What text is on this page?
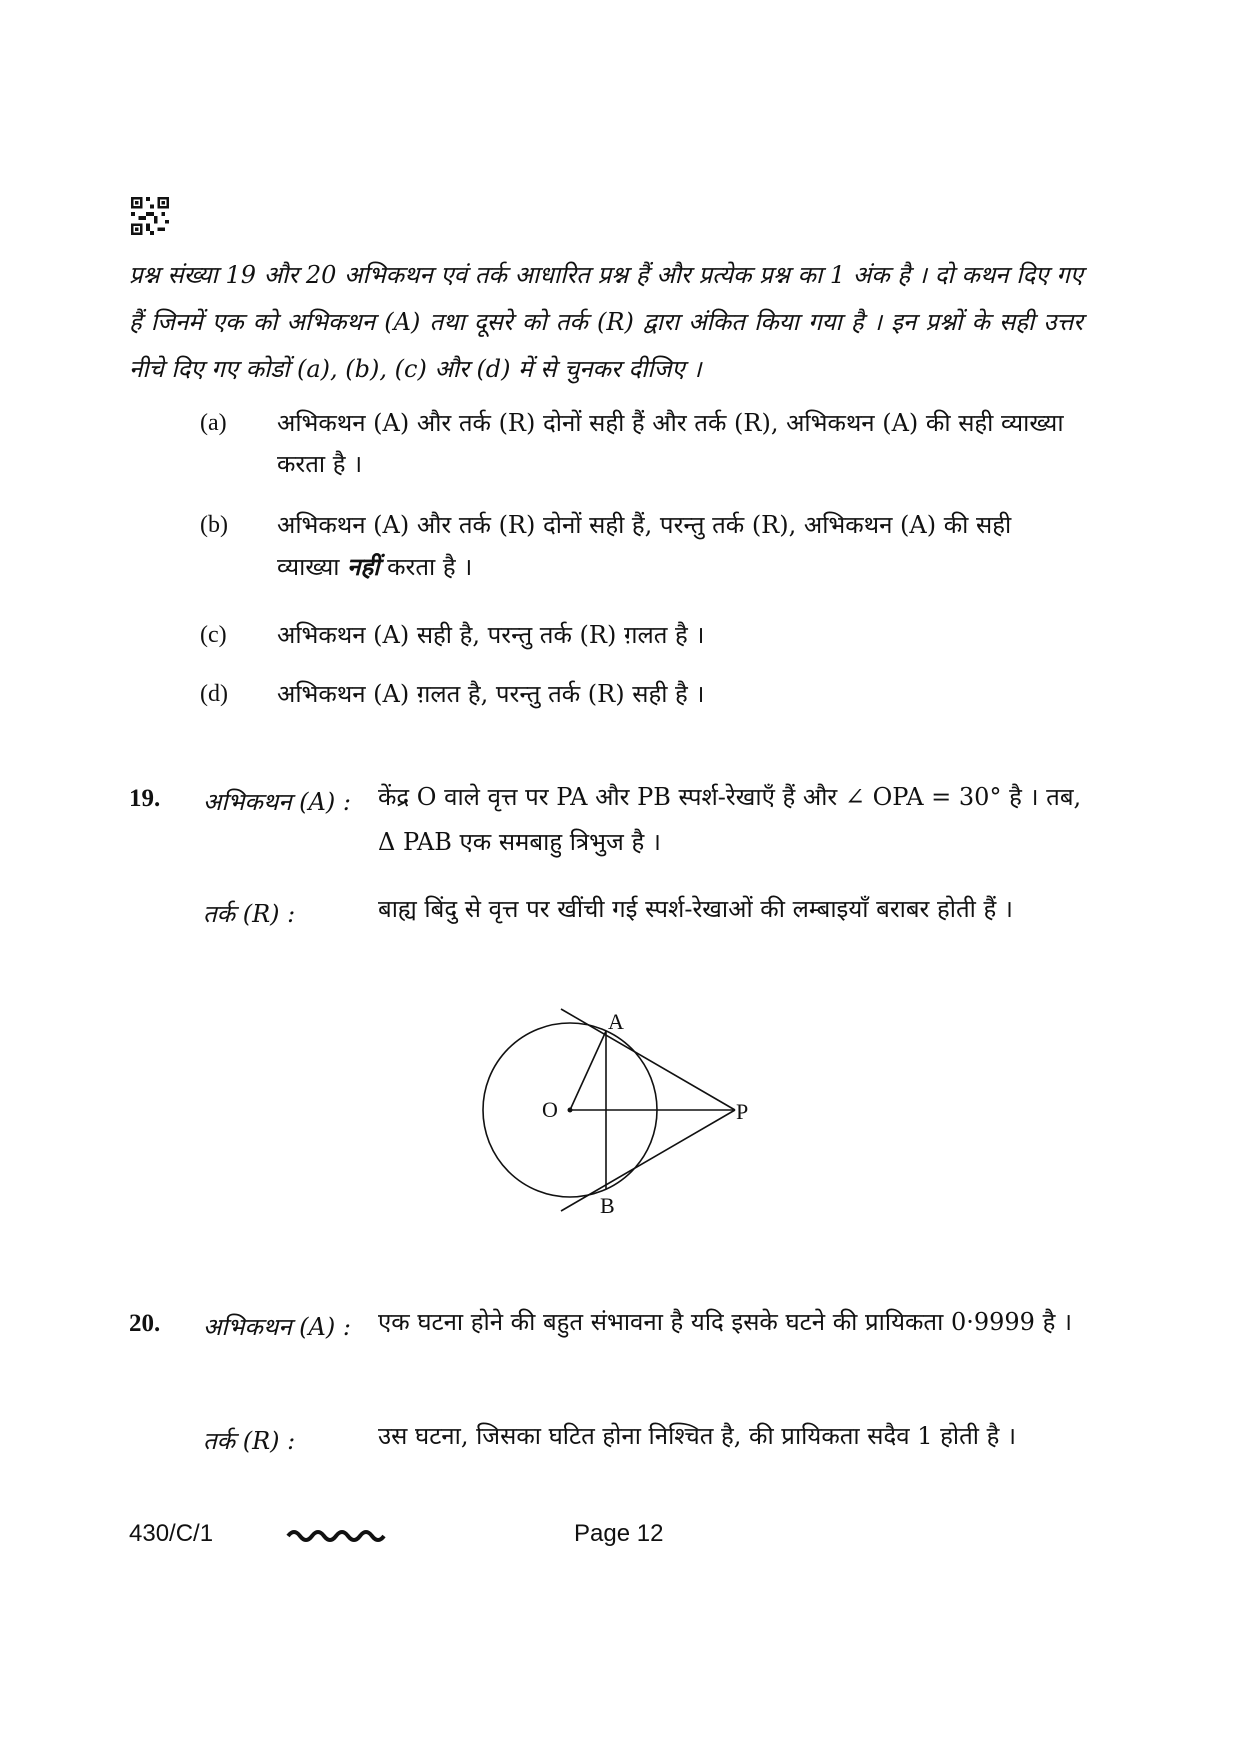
प्रश्न संख्या 19 और 20 अभिकथन एवं तर्क आधारित प्रश्न हैं और प्रत्येक प्रश्न का 1 अंक है । दो कथन दिए गए हैं जिनमें एक को अभिकथन (A) तथा दूसरे को तर्क (R) द्वारा अंकित किया गया है । इन प्रश्नों के सही उत्तर नीचे दिए गए कोडों (a), (b), (c) और (d) में से चुनकर दीजिए ।
(a) अभिकथन (A) और तर्क (R) दोनों सही हैं और तर्क (R), अभिकथन (A) की सही व्याख्या करता है ।
(b) अभिकथन (A) और तर्क (R) दोनों सही हैं, परन्तु तर्क (R), अभिकथन (A) की सही व्याख्या नहीं करता है ।
(c) अभिकथन (A) सही है, परन्तु तर्क (R) ग़लत है ।
(d) अभिकथन (A) ग़लत है, परन्तु तर्क (R) सही है ।
19. अभिकथन (A) : केंद्र O वाले वृत्त पर PA और PB स्पर्श-रेखाएँ हैं और ∠ OPA = 30° है । तब, Δ PAB एक समबाहु त्रिभुज है ।
तर्क (R) :	बाह्य बिंदु से वृत्त पर खींची गई स्पर्श-रेखाओं की लम्बाइयाँ बराबर होती हैं ।
A
B
O	P
20. अभिकथन (A) : एक घटना होने की बहुत संभावना है यदि इसके घटने की प्रायिकता 0·9999 है ।
तर्क (R) :	उस घटना, जिसका घटित होना निश्चित है, की प्रायिकता सदैव 1 होती है ।
430/C/1	Page 12
